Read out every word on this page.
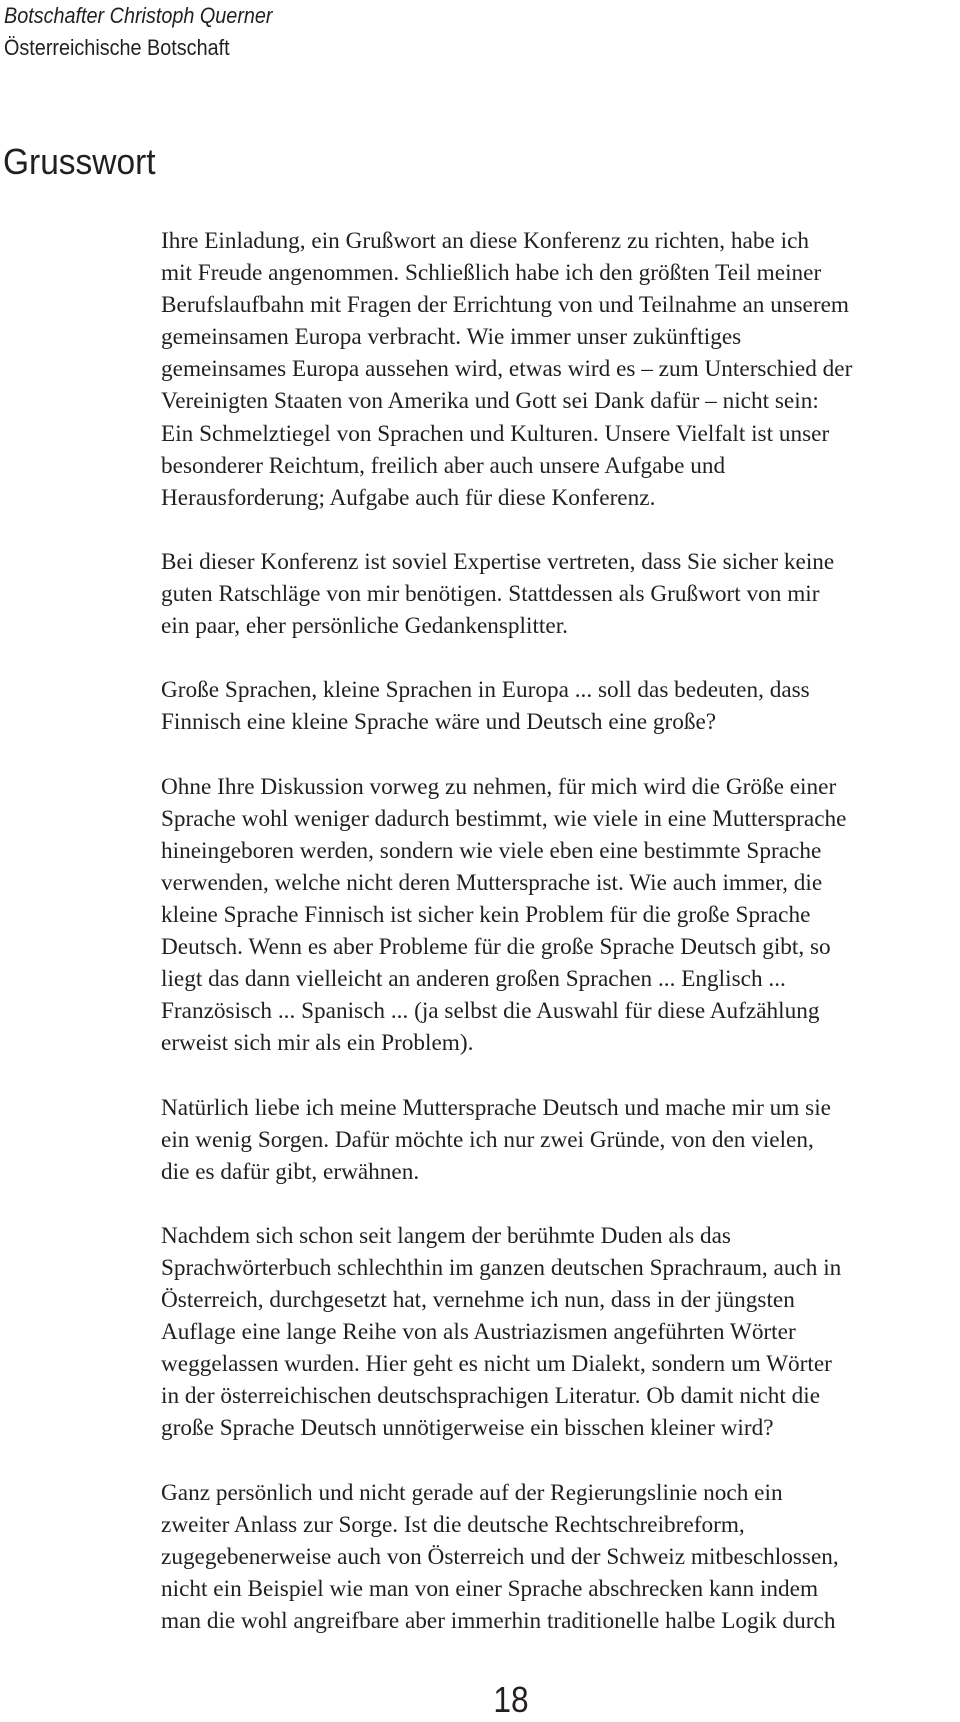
Botschafter Christoph Querner
Österreichische Botschaft
Grusswort

Ihre Einladung, ein Grußwort an diese Konferenz zu richten, habe ich
mit Freude angenommen. Schließlich habe ich den größten Teil meiner
Berufslaufbahn mit Fragen der Errichtung von und Teilnahme an unserem
gemeinsamen Europa verbracht. Wie immer unser zukünftiges
gemeinsames Europa aussehen wird, etwas wird es – zum Unterschied der
Vereinigten Staaten von Amerika und Gott sei Dank dafür – nicht sein:
Ein Schmelztiegel von Sprachen und Kulturen. Unsere Vielfalt ist unser
besonderer Reichtum, freilich aber auch unsere Aufgabe und
Herausforderung; Aufgabe auch für diese Konferenz.

Bei dieser Konferenz ist soviel Expertise vertreten, dass Sie sicher keine
guten Ratschläge von mir benötigen. Stattdessen als Grußwort von mir
ein paar, eher persönliche Gedankensplitter.

Große Sprachen, kleine Sprachen in Europa ... soll das bedeuten, dass
Finnisch eine kleine Sprache wäre und Deutsch eine große?

Ohne Ihre Diskussion vorweg zu nehmen, für mich wird die Größe einer
Sprache wohl weniger dadurch bestimmt, wie viele in eine Muttersprache
hineingeboren werden, sondern wie viele eben eine bestimmte Sprache
verwenden, welche nicht deren Muttersprache ist. Wie auch immer, die
kleine Sprache Finnisch ist sicher kein Problem für die große Sprache
Deutsch. Wenn es aber Probleme für die große Sprache Deutsch gibt, so
liegt das dann vielleicht an anderen großen Sprachen ... Englisch ...
Französisch ... Spanisch ... (ja selbst die Auswahl für diese Aufzählung
erweist sich mir als ein Problem).

Natürlich liebe ich meine Muttersprache Deutsch und mache mir um sie
ein wenig Sorgen. Dafür möchte ich nur zwei Gründe, von den vielen,
die es dafür gibt, erwähnen.

Nachdem sich schon seit langem der berühmte Duden als das
Sprachwörterbuch schlechthin im ganzen deutschen Sprachraum, auch in
Österreich, durchgesetzt hat, vernehme ich nun, dass in der jüngsten
Auflage eine lange Reihe von als Austriazismen angeführten Wörter
weggelassen wurden. Hier geht es nicht um Dialekt, sondern um Wörter
in der österreichischen deutschsprachigen Literatur. Ob damit nicht die
große Sprache Deutsch unnötigerweise ein bisschen kleiner wird?

Ganz persönlich und nicht gerade auf der Regierungslinie noch ein
zweiter Anlass zur Sorge. Ist die deutsche Rechtschreibreform,
zugegebenerweise auch von Österreich und der Schweiz mitbeschlossen,
nicht ein Beispiel wie man von einer Sprache abschrecken kann indem
man die wohl angreifbare aber immerhin traditionelle halbe Logik durch

18
